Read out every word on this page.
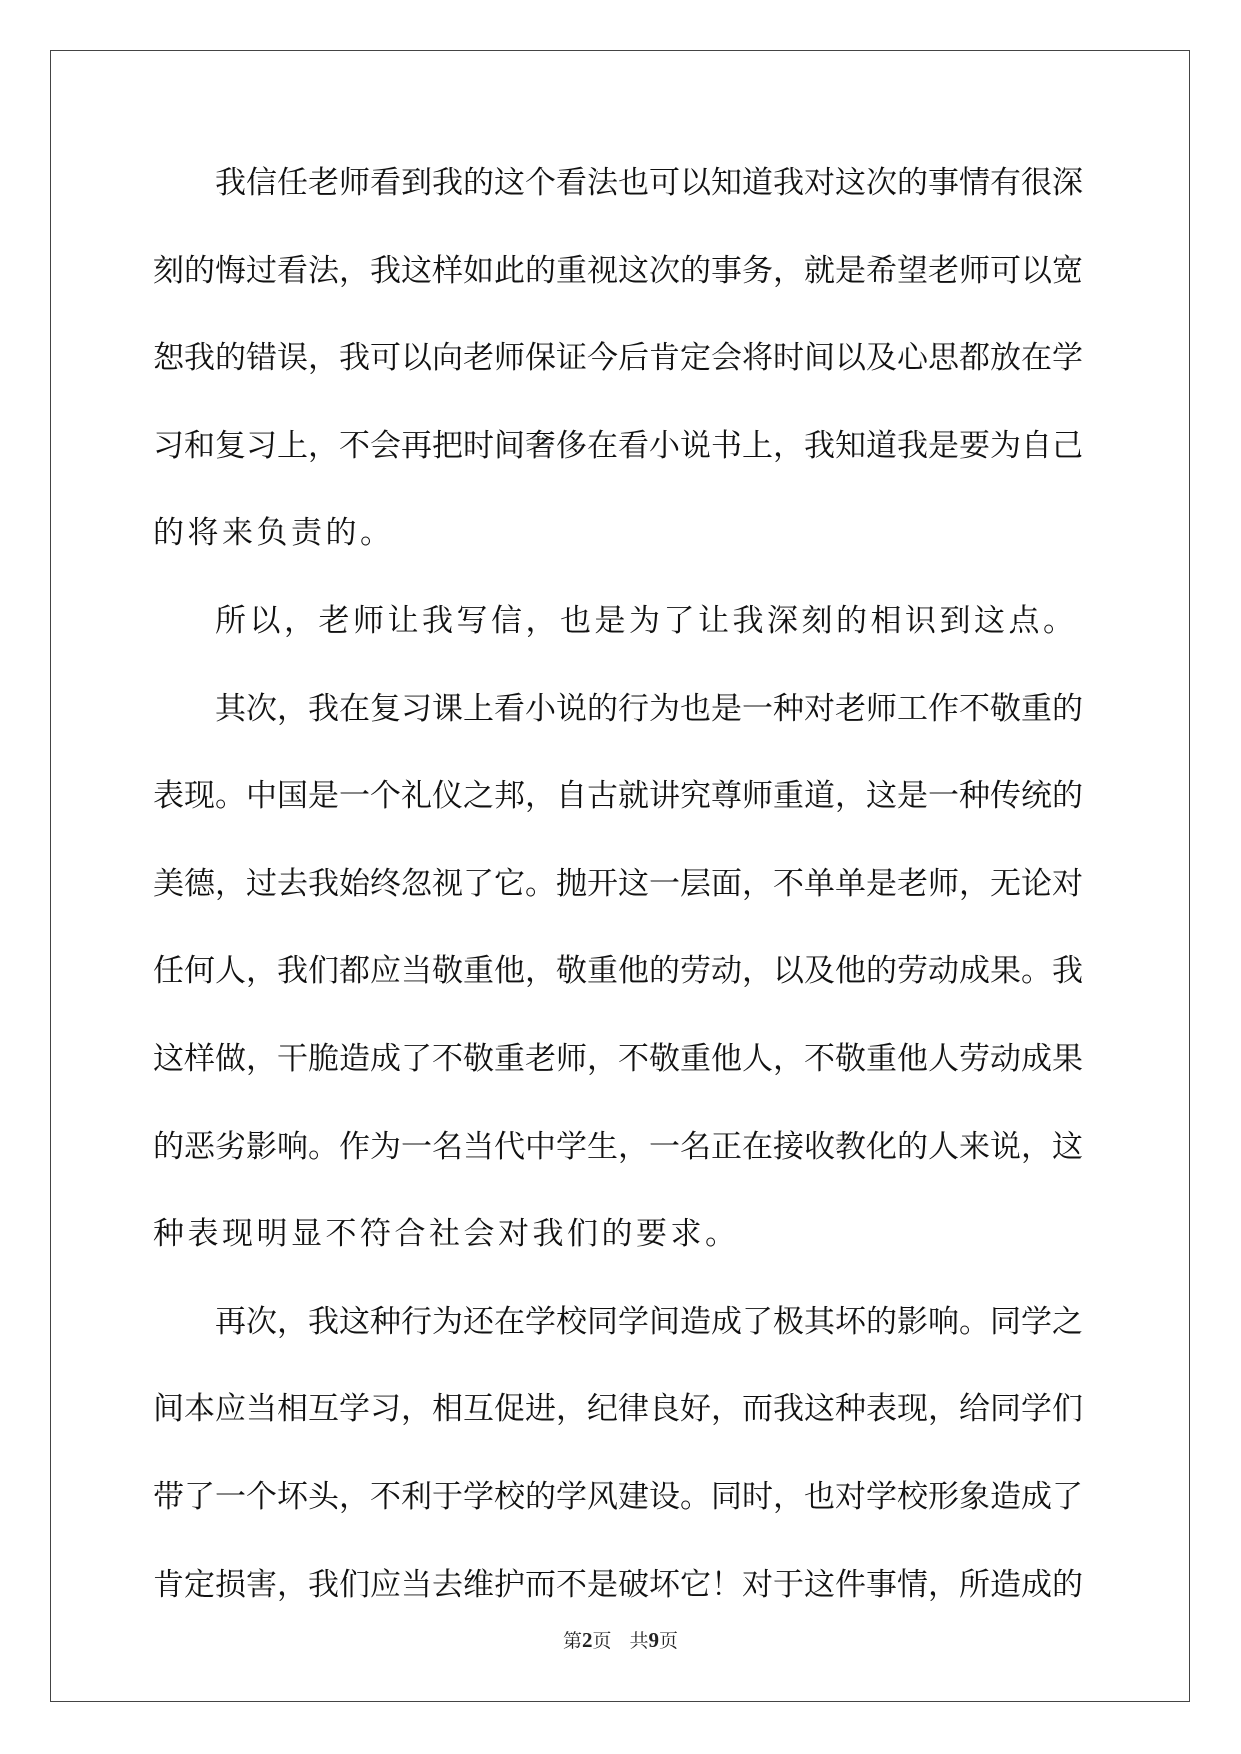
我信任老师看到我的这个看法也可以知道我对这次的事情有很深
刻的悔过看法，我这样如此的重视这次的事务，就是希望老师可以宽
恕我的错误，我可以向老师保证今后肯定会将时间以及心思都放在学
习和复习上，不会再把时间奢侈在看小说书上，我知道我是要为自己
的将来负责的。
所以，老师让我写信，也是为了让我深刻的相识到这点。
其次，我在复习课上看小说的行为也是一种对老师工作不敬重的
表现。中国是一个礼仪之邦，自古就讲究尊师重道，这是一种传统的
美德，过去我始终忽视了它。抛开这一层面，不单单是老师，无论对
任何人，我们都应当敬重他，敬重他的劳动，以及他的劳动成果。我
这样做，干脆造成了不敬重老师，不敬重他人，不敬重他人劳动成果
的恶劣影响。作为一名当代中学生，一名正在接收教化的人来说，这
种表现明显不符合社会对我们的要求。
再次，我这种行为还在学校同学间造成了极其坏的影响。同学之
间本应当相互学习，相互促进，纪律良好，而我这种表现，给同学们
带了一个坏头，不利于学校的学风建设。同时，也对学校形象造成了
肯定损害，我们应当去维护而不是破坏它！对于这件事情，所造成的
第2页 共9页
